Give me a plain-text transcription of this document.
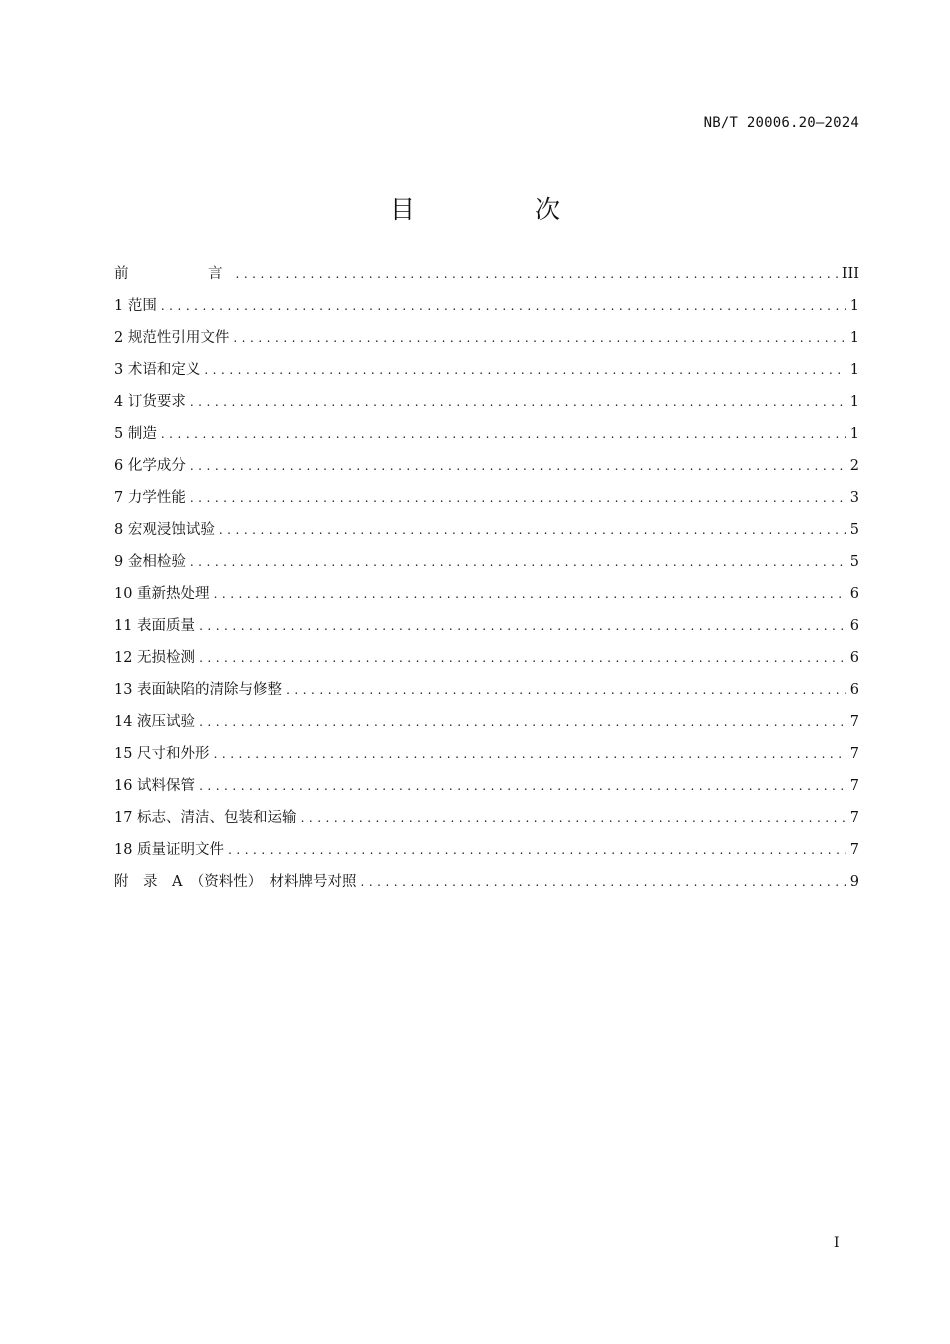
NB/T 20006.20—2024
目 次
前　　　言 . . .	III
1 范围 . . .	1
2 规范性引用文件 . . .	1
3 术语和定义 . . .	1
4 订货要求 . . .	1
5 制造 . . .	1
6 化学成分 . . .	2
7 力学性能 . . .	3
8 宏观浸蚀试验 . . .	5
9 金相检验 . . .	5
10 重新热处理 . . .	6
11 表面质量 . . .	6
12 无损检测 . . .	6
13 表面缺陷的清除与修整 . . .	6
14 液压试验 . . .	7
15 尺寸和外形 . . .	7
16 试料保管 . . .	7
17 标志、清洁、包装和运输 . . .	7
18 质量证明文件 . . .	7
附　录　A　（资料性）　材料牌号对照 . . .	9
I
